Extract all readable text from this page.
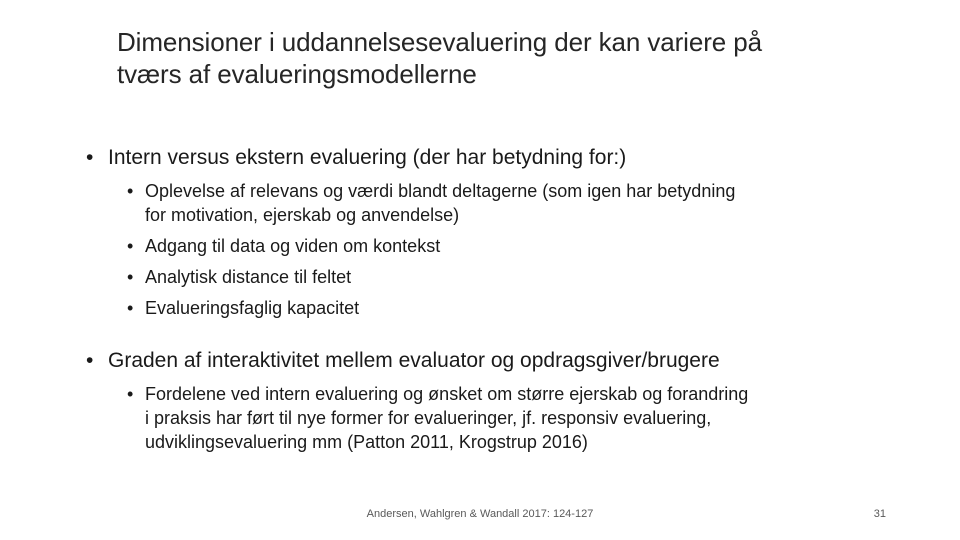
Dimensioner i uddannelsesevaluering der kan variere på
tværs af evalueringsmodellerne
• Intern versus ekstern evaluering (der har betydning for:)
• Oplevelse af relevans og værdi blandt deltagerne (som igen har betydning
for motivation, ejerskab og anvendelse)
• Adgang til data og viden om kontekst
• Analytisk distance til feltet
• Evalueringsfaglig kapacitet
• Graden af interaktivitet mellem evaluator og opdragsgiver/brugere
• Fordelene ved intern evaluering og ønsket om større ejerskab og forandring
i praksis har ført til nye former for evalueringer, jf. responsiv evaluering,
udviklingsevaluering mm (Patton 2011, Krogstrup 2016)
Andersen, Wahlgren & Wandall 2017: 124-127	31
